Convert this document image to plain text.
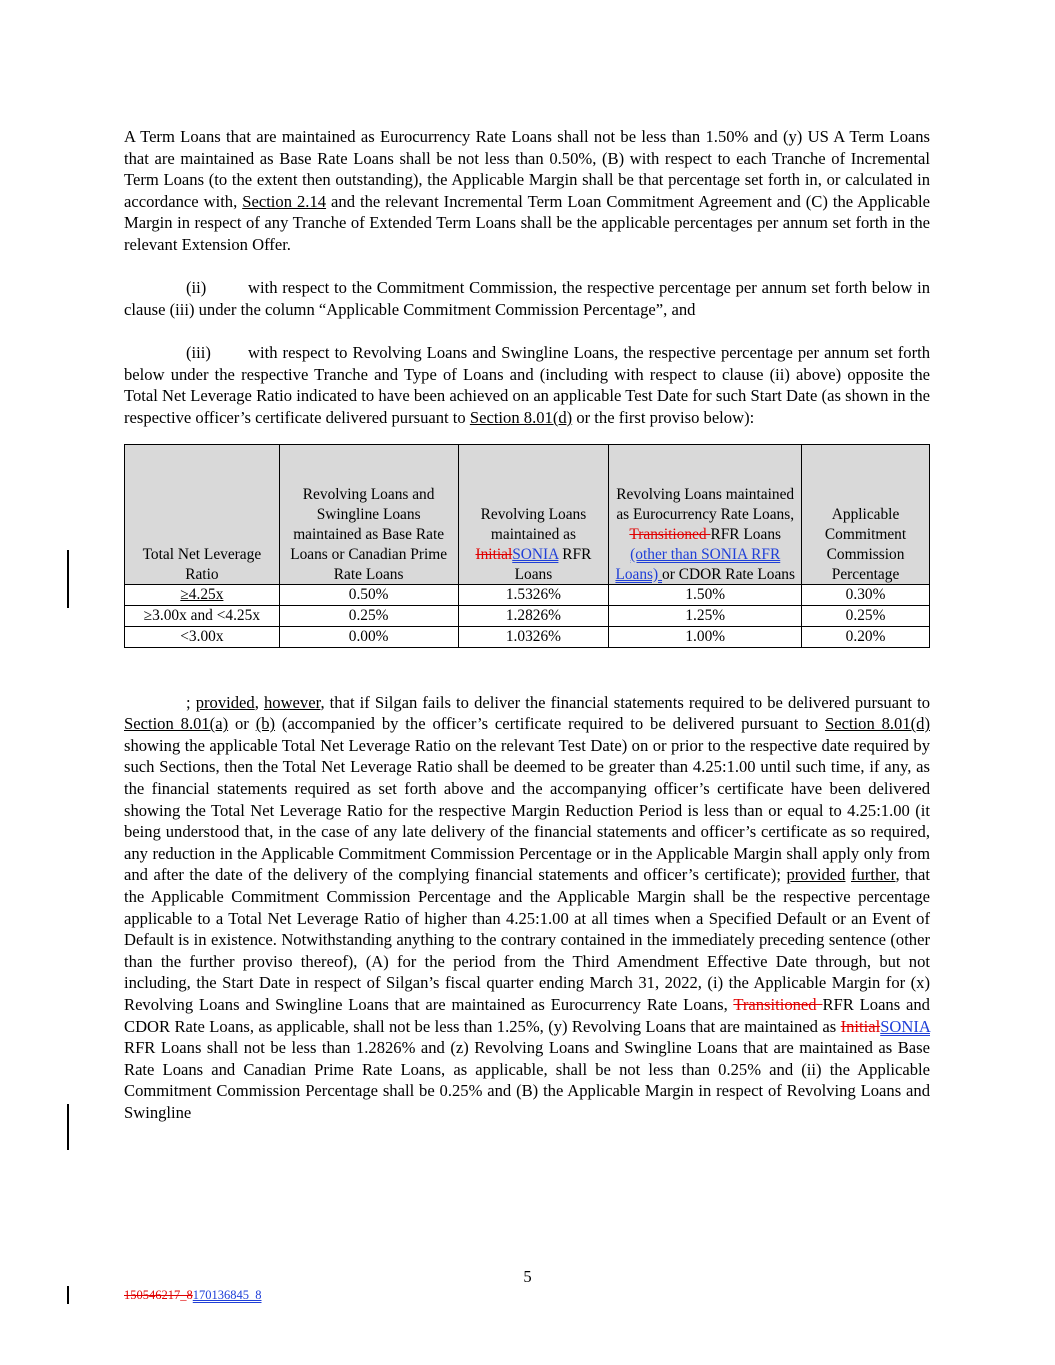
A Term Loans that are maintained as Eurocurrency Rate Loans shall not be less than 1.50% and (y) US A Term Loans that are maintained as Base Rate Loans shall be not less than 0.50%, (B) with respect to each Tranche of Incremental Term Loans (to the extent then outstanding), the Applicable Margin shall be that percentage set forth in, or calculated in accordance with, Section 2.14 and the relevant Incremental Term Loan Commitment Agreement and (C) the Applicable Margin in respect of any Tranche of Extended Term Loans shall be the applicable percentages per annum set forth in the relevant Extension Offer.

(ii)	with respect to the Commitment Commission, the respective percentage per annum set forth below in clause (iii) under the column “Applicable Commitment Commission Percentage”, and

(iii) with respect to Revolving Loans and Swingline Loans, the respective percentage per annum set forth below under the respective Tranche and Type of Loans and (including with respect to clause (ii) above) opposite the Total Net Leverage Ratio indicated to have been achieved on an applicable Test Date for such Start Date (as shown in the respective officer’s certificate delivered pursuant to Section 8.01(d) or the first proviso below):

Total Net Leverage Ratio	Revolving Loans and Swingline Loans maintained as Base Rate Loans or Canadian Prime Rate Loans	Revolving Loans maintained as InitialSONIA RFR Loans	Revolving Loans maintained as Eurocurrency Rate Loans, Transitioned RFR Loans (other than SONIA RFR Loans) or CDOR Rate Loans	Applicable Commitment Commission Percentage
≥4.25x	0.50%	1.5326%	1.50%	0.30%
≥3.00x and <4.25x	0.25%	1.2826%	1.25%	0.25%
<3.00x	0.00%	1.0326%	1.00%	0.20%

; provided, however, that if Silgan fails to deliver the financial statements required to be delivered pursuant to Section 8.01(a) or (b) (accompanied by the officer’s certificate required to be delivered pursuant to Section 8.01(d) showing the applicable Total Net Leverage Ratio on the relevant Test Date) on or prior to the respective date required by such Sections, then the Total Net Leverage Ratio shall be deemed to be greater than 4.25:1.00 until such time, if any, as the financial statements required as set forth above and the accompanying officer’s certificate have been delivered showing the Total Net Leverage Ratio for the respective Margin Reduction Period is less than or equal to 4.25:1.00 (it being understood that, in the case of any late delivery of the financial statements and officer’s certificate as so required, any reduction in the Applicable Commitment Commission Percentage or in the Applicable Margin shall apply only from and after the date of the delivery of the complying financial statements and officer’s certificate); provided further, that the Applicable Commitment Commission Percentage and the Applicable Margin shall be the respective percentage applicable to a Total Net Leverage Ratio of higher than 4.25:1.00 at all times when a Specified Default or an Event of Default is in existence. Notwithstanding anything to the contrary contained in the immediately preceding sentence (other than the further proviso thereof), (A) for the period from the Third Amendment Effective Date through, but not including, the Start Date in respect of Silgan’s fiscal quarter ending March 31, 2022, (i) the Applicable Margin for (x) Revolving Loans and Swingline Loans that are maintained as Eurocurrency Rate Loans, Transitioned RFR Loans and CDOR Rate Loans, as applicable, shall not be less than 1.25%, (y) Revolving Loans that are maintained as InitialSONIA RFR Loans shall not be less than 1.2826% and (z) Revolving Loans and Swingline Loans that are maintained as Base Rate Loans and Canadian Prime Rate Loans, as applicable, shall be not less than 0.25% and (ii) the Applicable Commitment Commission Percentage shall be 0.25% and (B) the Applicable Margin in respect of Revolving Loans and Swingline

5
150546217_8170136845_8
